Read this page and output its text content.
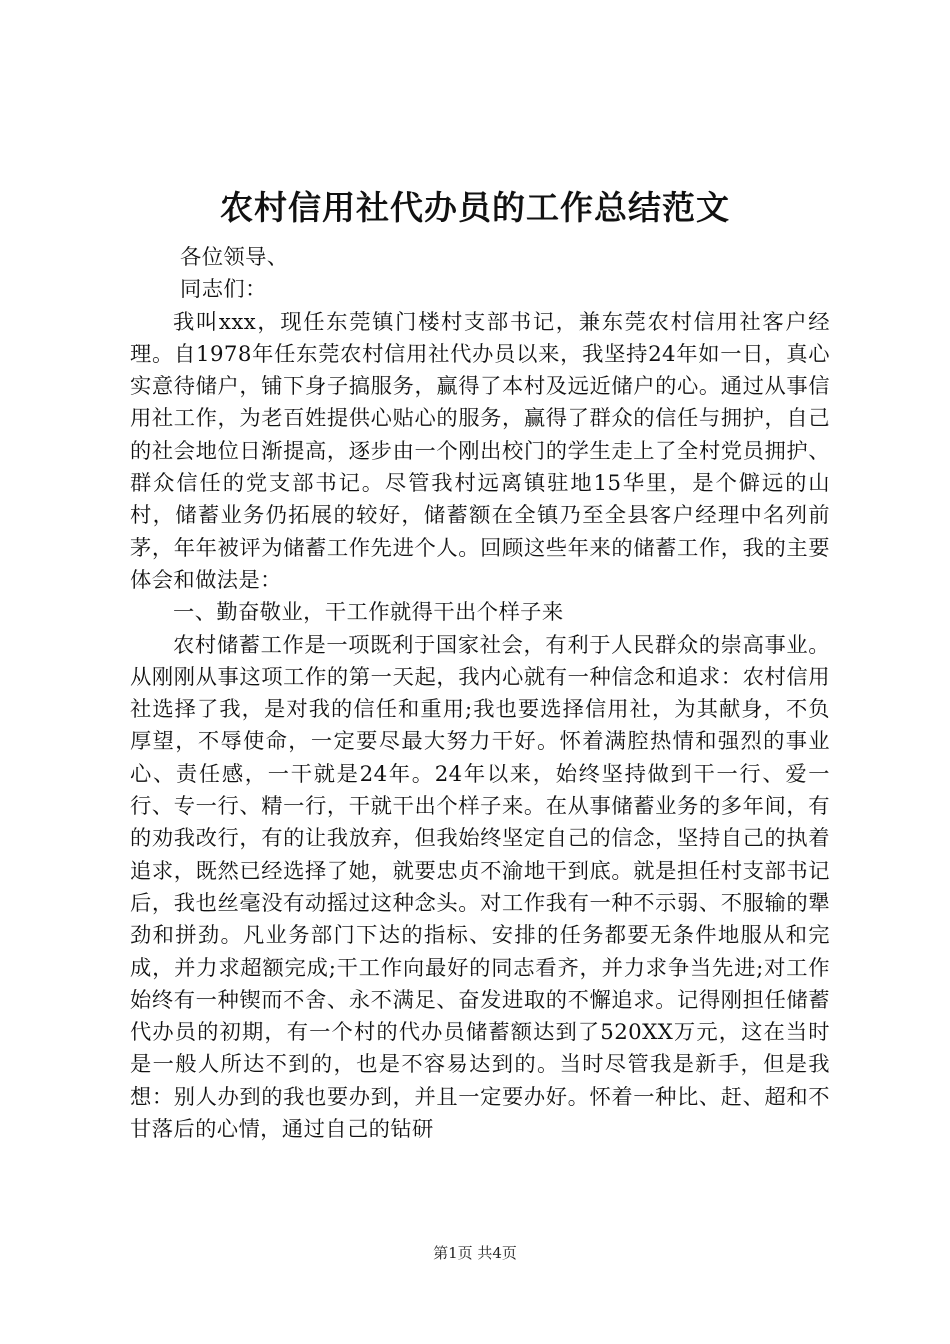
农村信用社代办员的工作总结范文

各位领导、

同志们：

我叫xxx，现任东莞镇门楼村支部书记，兼东莞农村信用社客户经理。自1978年任东莞农村信用社代办员以来，我坚持24年如一日，真心实意待储户，铺下身子搞服务，赢得了本村及远近储户的心。通过从事信用社工作，为老百姓提供心贴心的服务，赢得了群众的信任与拥护，自己的社会地位日渐提高，逐步由一个刚出校门的学生走上了全村党员拥护、群众信任的党支部书记。尽管我村远离镇驻地15华里，是个僻远的山村，储蓄业务仍拓展的较好，储蓄额在全镇乃至全县客户经理中名列前茅，年年被评为储蓄工作先进个人。回顾这些年来的储蓄工作，我的主要体会和做法是：

一、勤奋敬业，干工作就得干出个样子来

农村储蓄工作是一项既利于国家社会，有利于人民群众的崇高事业。从刚刚从事这项工作的第一天起，我内心就有一种信念和追求：农村信用社选择了我，是对我的信任和重用;我也要选择信用社，为其献身，不负厚望，不辱使命，一定要尽最大努力干好。怀着满腔热情和强烈的事业心、责任感，一干就是24年。24年以来，始终坚持做到干一行、爱一行、专一行、精一行，干就干出个样子来。在从事储蓄业务的多年间，有的劝我改行，有的让我放弃，但我始终坚定自己的信念，坚持自己的执着追求，既然已经选择了她，就要忠贞不渝地干到底。就是担任村支部书记后，我也丝毫没有动摇过这种念头。对工作我有一种不示弱、不服输的犟劲和拼劲。凡业务部门下达的指标、安排的任务都要无条件地服从和完成，并力求超额完成;干工作向最好的同志看齐，并力求争当先进;对工作始终有一种锲而不舍、永不满足、奋发进取的不懈追求。记得刚担任储蓄代办员的初期，有一个村的代办员储蓄额达到了520XX万元，这在当时是一般人所达不到的，也是不容易达到的。当时尽管我是新手，但是我想：别人办到的我也要办到，并且一定要办好。怀着一种比、赶、超和不甘落后的心情，通过自己的钻研

第1页 共4页
